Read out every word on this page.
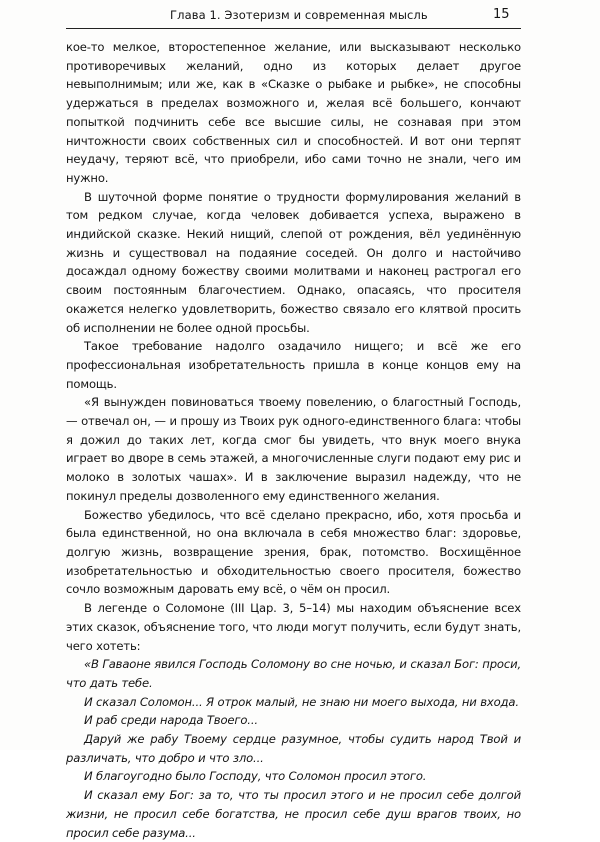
Глава 1. Эзотеризм и современная мысль	15

кое-то мелкое, второстепенное желание, или высказывают несколько противоречивых желаний, одно из которых делает другое невыполнимым; или же, как в «Сказке о рыбаке и рыбке», не способны удержаться в пределах возможного и, желая всё большего, кончают попыткой подчинить себе все высшие силы, не сознавая при этом ничтожности своих собственных сил и способностей. И вот они терпят неудачу, теряют всё, что приобрели, ибо сами точно не знали, чего им нужно.

В шуточной форме понятие о трудности формулирования желаний в том редком случае, когда человек добивается успеха, выражено в индийской сказке. Некий нищий, слепой от рождения, вёл уединённую жизнь и существовал на подаяние соседей. Он долго и настойчиво досаждал одному божеству своими молитвами и наконец растрогал его своим постоянным благочестием. Однако, опасаясь, что просителя окажется нелегко удовлетворить, божество связало его клятвой просить об исполнении не более одной просьбы.

Такое требование надолго озадачило нищего; и всё же его профессиональная изобретательность пришла в конце концов ему на помощь.

«Я вынужден повиноваться твоему повелению, о благостный Господь, — отвечал он, — и прошу из Твоих рук одного-единственного блага: чтобы я дожил до таких лет, когда смог бы увидеть, что внук моего внука играет во дворе в семь этажей, а многочисленные слуги подают ему рис и молоко в золотых чашах». И в заключение выразил надежду, что не покинул пределы дозволенного ему единственного желания.

Божество убедилось, что всё сделано прекрасно, ибо, хотя просьба и была единственной, но она включала в себя множество благ: здоровье, долгую жизнь, возвращение зрения, брак, потомство. Восхищённое изобретательностью и обходительностью своего просителя, божество сочло возможным даровать ему всё, о чём он просил.

В легенде о Соломоне (III Цар. 3, 5–14) мы находим объяснение всех этих сказок, объяснение того, что люди могут получить, если будут знать, чего хотеть:

«В Гаваоне явился Господь Соломону во сне ночью, и сказал Бог: проси, что дать тебе.

И сказал Соломон... Я отрок малый, не знаю ни моего выхода, ни входа.

И раб среди народа Твоего...

Даруй же рабу Твоему сердце разумное, чтобы судить народ Твой и различать, что добро и что зло...

И благоугодно было Господу, что Соломон просил этого.

И сказал ему Бог: за то, что ты просил этого и не просил себе долгой жизни, не просил себе богатства, не просил себе душ врагов твоих, но просил себе разума...
